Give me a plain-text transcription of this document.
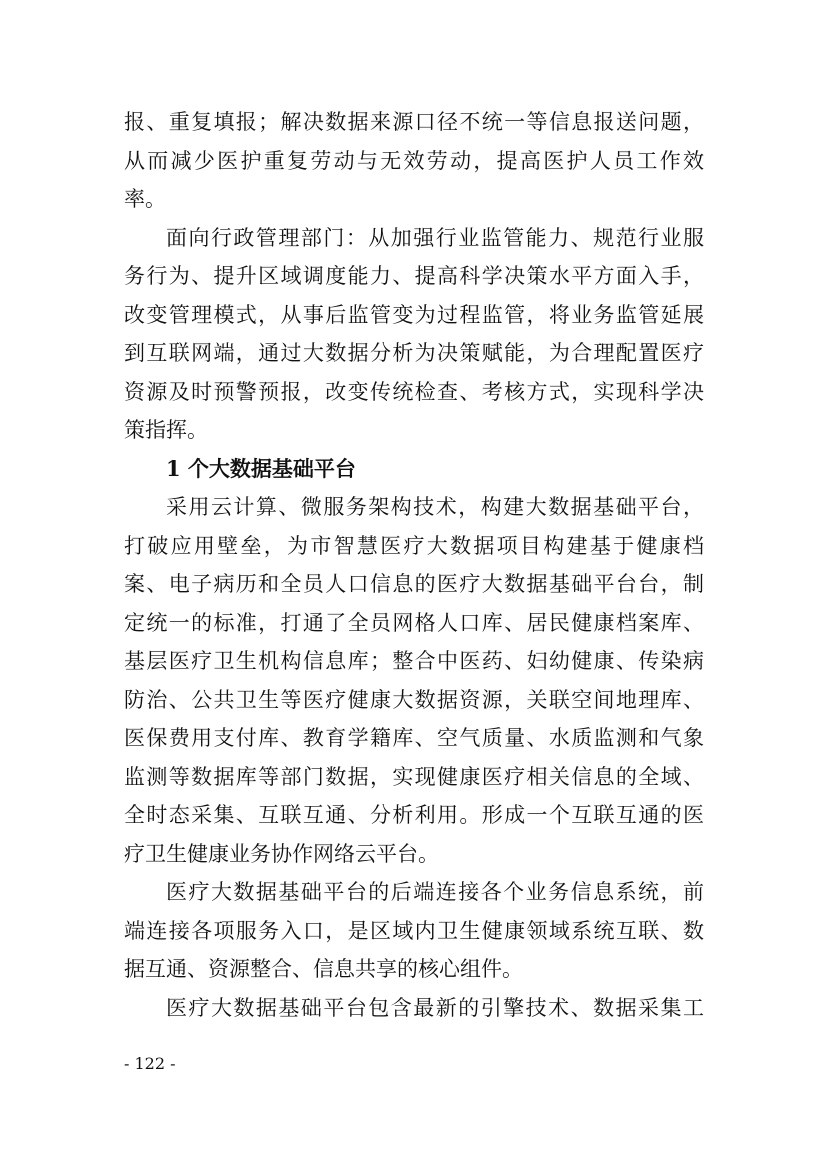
报、重复填报；解决数据来源口径不统一等信息报送问题，
从而减少医护重复劳动与无效劳动，提高医护人员工作效
率。
面向行政管理部门：从加强行业监管能力、规范行业服
务行为、提升区域调度能力、提高科学决策水平方面入手，
改变管理模式，从事后监管变为过程监管，将业务监管延展
到互联网端，通过大数据分析为决策赋能，为合理配置医疗
资源及时预警预报，改变传统检查、考核方式，实现科学决
策指挥。
1 个大数据基础平台
采用云计算、微服务架构技术，构建大数据基础平台，
打破应用壁垒，为市智慧医疗大数据项目构建基于健康档
案、电子病历和全员人口信息的医疗大数据基础平台台，制
定统一的标准，打通了全员网格人口库、居民健康档案库、
基层医疗卫生机构信息库；整合中医药、妇幼健康、传染病
防治、公共卫生等医疗健康大数据资源，关联空间地理库、
医保费用支付库、教育学籍库、空气质量、水质监测和气象
监测等数据库等部门数据，实现健康医疗相关信息的全域、
全时态采集、互联互通、分析利用。形成一个互联互通的医
疗卫生健康业务协作网络云平台。
医疗大数据基础平台的后端连接各个业务信息系统，前
端连接各项服务入口，是区域内卫生健康领域系统互联、数
据互通、资源整合、信息共享的核心组件。
医疗大数据基础平台包含最新的引擎技术、数据采集工
- 122 -
